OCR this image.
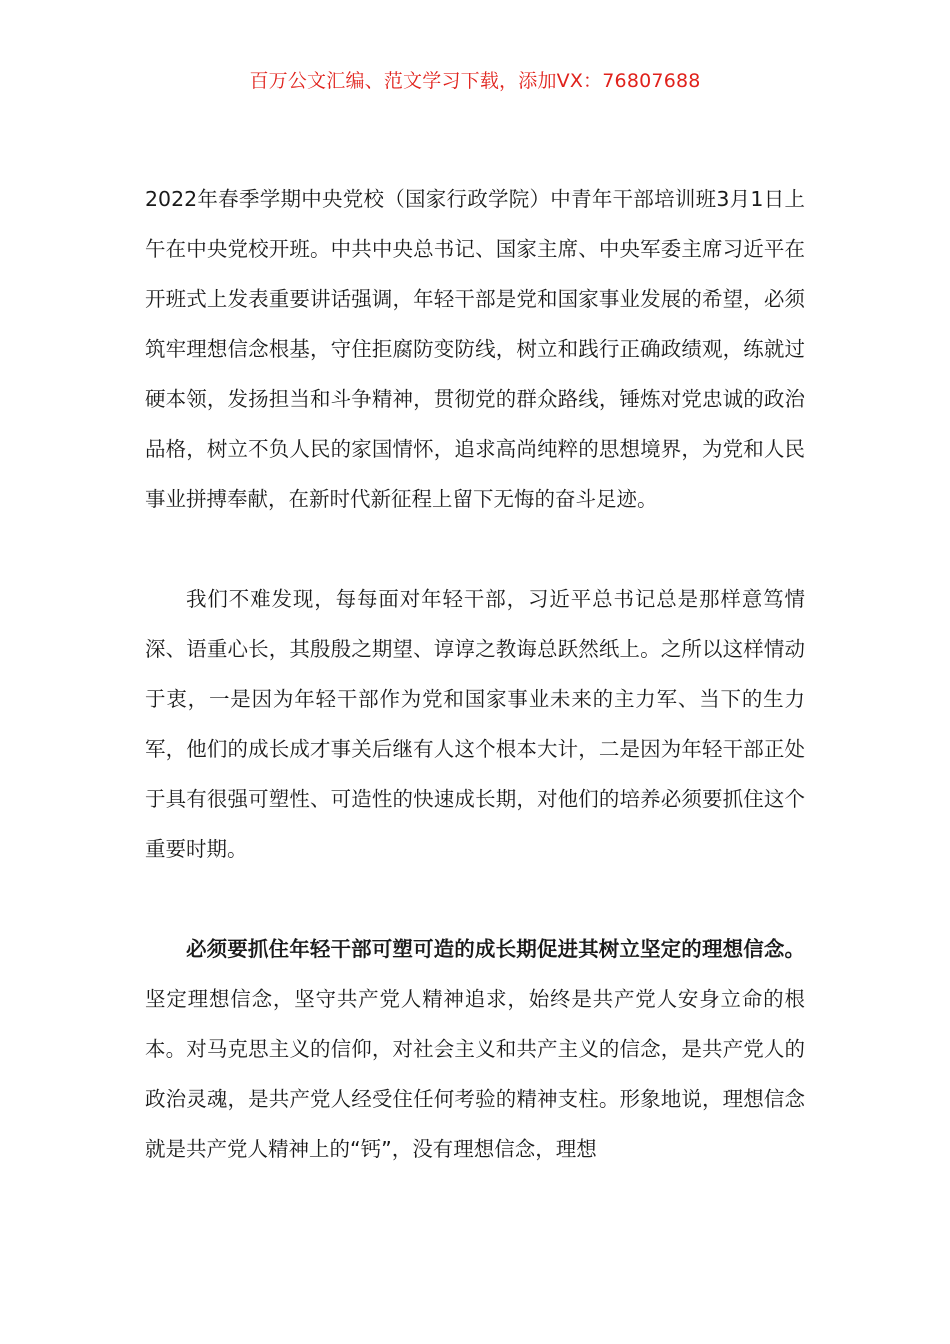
百万公文汇编、范文学习下载，添加VX：76807688

2022年春季学期中央党校（国家行政学院）中青年干部培训班3月1日上午在中央党校开班。中共中央总书记、国家主席、中央军委主席习近平在开班式上发表重要讲话强调，年轻干部是党和国家事业发展的希望，必须筑牢理想信念根基，守住拒腐防变防线，树立和践行正确政绩观，练就过硬本领，发扬担当和斗争精神，贯彻党的群众路线，锤炼对党忠诚的政治品格，树立不负人民的家国情怀，追求高尚纯粹的思想境界，为党和人民事业拼搏奉献，在新时代新征程上留下无悔的奋斗足迹。

我们不难发现，每每面对年轻干部，习近平总书记总是那样意笃情深、语重心长，其殷殷之期望、谆谆之教诲总跃然纸上。之所以这样情动于衷，一是因为年轻干部作为党和国家事业未来的主力军、当下的生力军，他们的成长成才事关后继有人这个根本大计，二是因为年轻干部正处于具有很强可塑性、可造性的快速成长期，对他们的培养必须要抓住这个重要时期。

必须要抓住年轻干部可塑可造的成长期促进其树立坚定的理想信念。坚定理想信念，坚守共产党人精神追求，始终是共产党人安身立命的根本。对马克思主义的信仰，对社会主义和共产主义的信念，是共产党人的政治灵魂，是共产党人经受住任何考验的精神支柱。形象地说，理想信念就是共产党人精神上的“钙”，没有理想信念，理想
